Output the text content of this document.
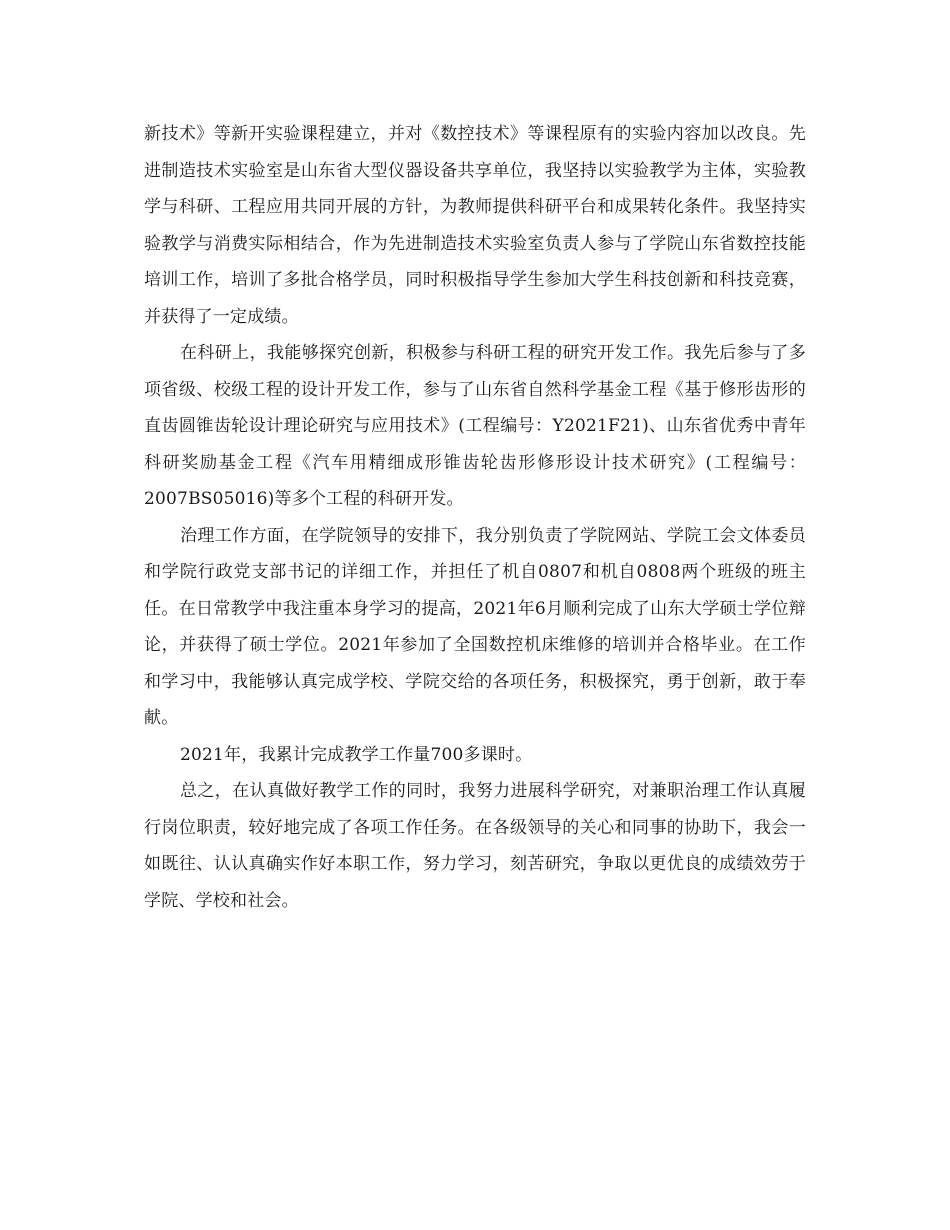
新技术》等新开实验课程建立，并对《数控技术》等课程原有的实验内容加以改良。先进制造技术实验室是山东省大型仪器设备共享单位，我坚持以实验教学为主体，实验教学与科研、工程应用共同开展的方针，为教师提供科研平台和成果转化条件。我坚持实验教学与消费实际相结合，作为先进制造技术实验室负责人参与了学院山东省数控技能培训工作，培训了多批合格学员，同时积极指导学生参加大学生科技创新和科技竞赛，并获得了一定成绩。

在科研上，我能够探究创新，积极参与科研工程的研究开发工作。我先后参与了多项省级、校级工程的设计开发工作，参与了山东省自然科学基金工程《基于修形齿形的直齿圆锥齿轮设计理论研究与应用技术》(工程编号：Y2021F21)、山东省优秀中青年科研奖励基金工程《汽车用精细成形锥齿轮齿形修形设计技术研究》(工程编号：2007BS05016)等多个工程的科研开发。

治理工作方面，在学院领导的安排下，我分别负责了学院网站、学院工会文体委员和学院行政党支部书记的详细工作，并担任了机自0807和机自0808两个班级的班主任。在日常教学中我注重本身学习的提高，2021年6月顺利完成了山东大学硕士学位辩论，并获得了硕士学位。2021年参加了全国数控机床维修的培训并合格毕业。在工作和学习中，我能够认真完成学校、学院交给的各项任务，积极探究，勇于创新，敢于奉献。

2021年，我累计完成教学工作量700多课时。

总之，在认真做好教学工作的同时，我努力进展科学研究，对兼职治理工作认真履行岗位职责，较好地完成了各项工作任务。在各级领导的关心和同事的协助下，我会一如既往、认认真确实作好本职工作，努力学习，刻苦研究，争取以更优良的成绩效劳于学院、学校和社会。
